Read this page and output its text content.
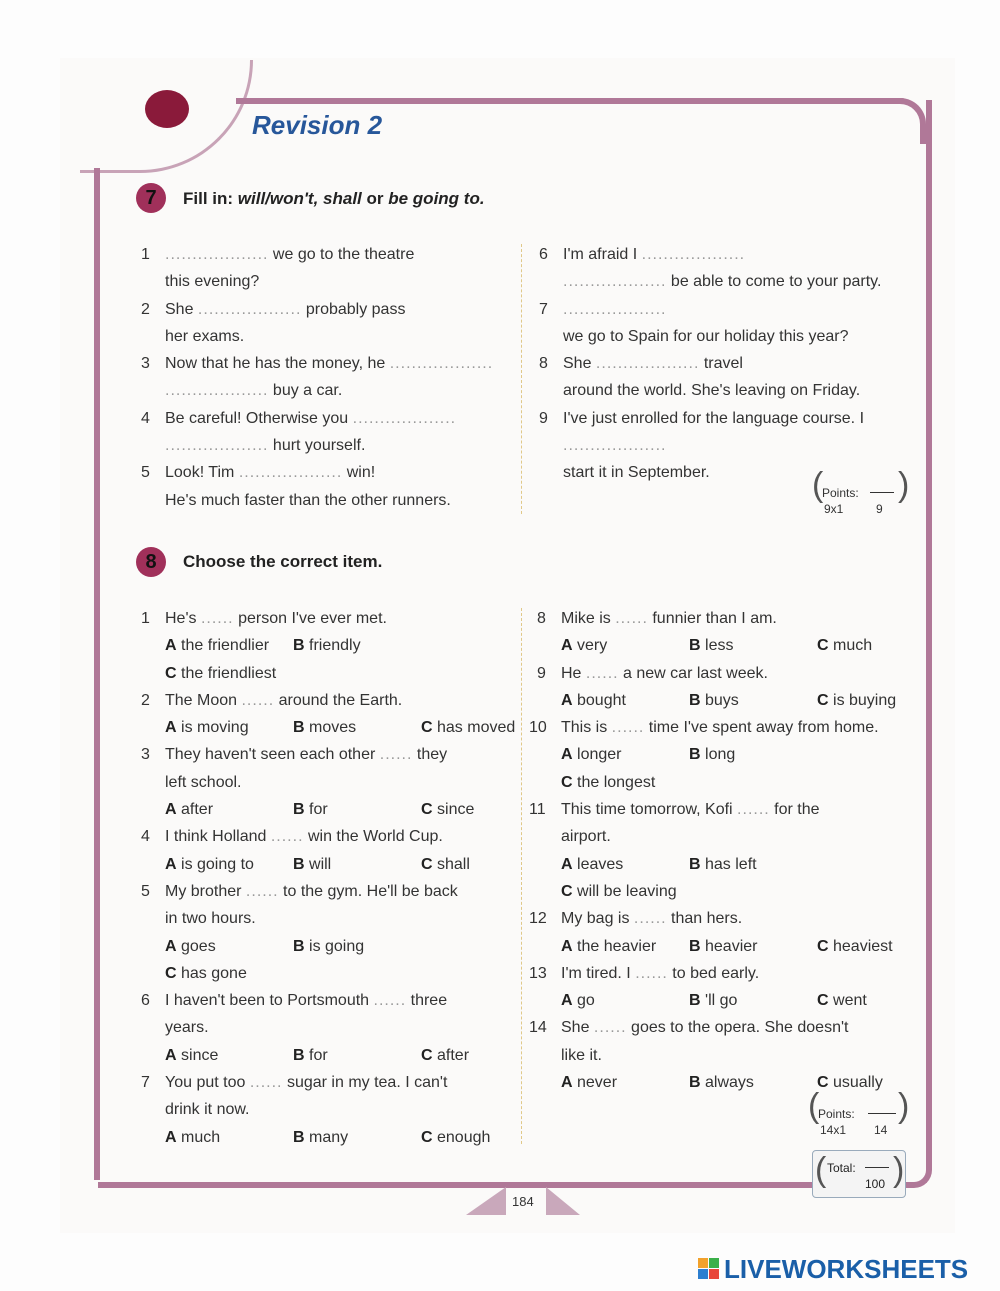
Revision 2
7	Fill in: will/won't, shall or be going to.
1 ................... we go to the theatre
this evening?
2 She ................... probably pass
her exams.
3 Now that he has the money, he ...................
................... buy a car.
4 Be careful! Otherwise you ...................
................... hurt yourself.
5 Look! Tim ................... win!
He's much faster than the other runners.
6 I'm afraid I ...................
................... be able to come to your party.
7 ...................
we go to Spain for our holiday this year?
8 She ................... travel
around the world. She's leaving on Friday.
9 I've just enrolled for the language course. I
...................
start it in September.	(
Points:
9x1	9
)
8	Choose the correct item.
1 He's ...... person I've ever met.
A the friendlier B friendly
C the friendliest
2 The Moon ...... around the Earth.
A is moving	B moves	C has moved
3 They haven't seen each other ...... they
left school.
A after	B for	C since
4 I think Holland ...... win the World Cup.
A is going to B will	C shall
5 My brother ...... to the gym. He'll be back
in two hours.
A goes	B is going
C has gone
6 I haven't been to Portsmouth ...... three
years.
A since	B for	C after
7 You put too ...... sugar in my tea. I can't
drink it now.
A much	B many	C enough
8 Mike is ...... funnier than I am.
A very	B less	C much
9 He ...... a new car last week.
A bought	B buys	C is buying
10 This is ...... time I've spent away from home.
A longer	B long
C the longest
11 This time tomorrow, Kofi ...... for the
airport.
A leaves	B has left
C will be leaving
12 My bag is ...... than hers.
A the heavier B heavier	C heaviest
13 I'm tired. I ...... to bed early.
A go	B 'll go	C went
14 She ...... goes to the opera. She doesn't
like it.
A never	B always	C usually
(
Points:
14x1 14
)
( Total:
100 )
184
LIVEWORKSHEETS
